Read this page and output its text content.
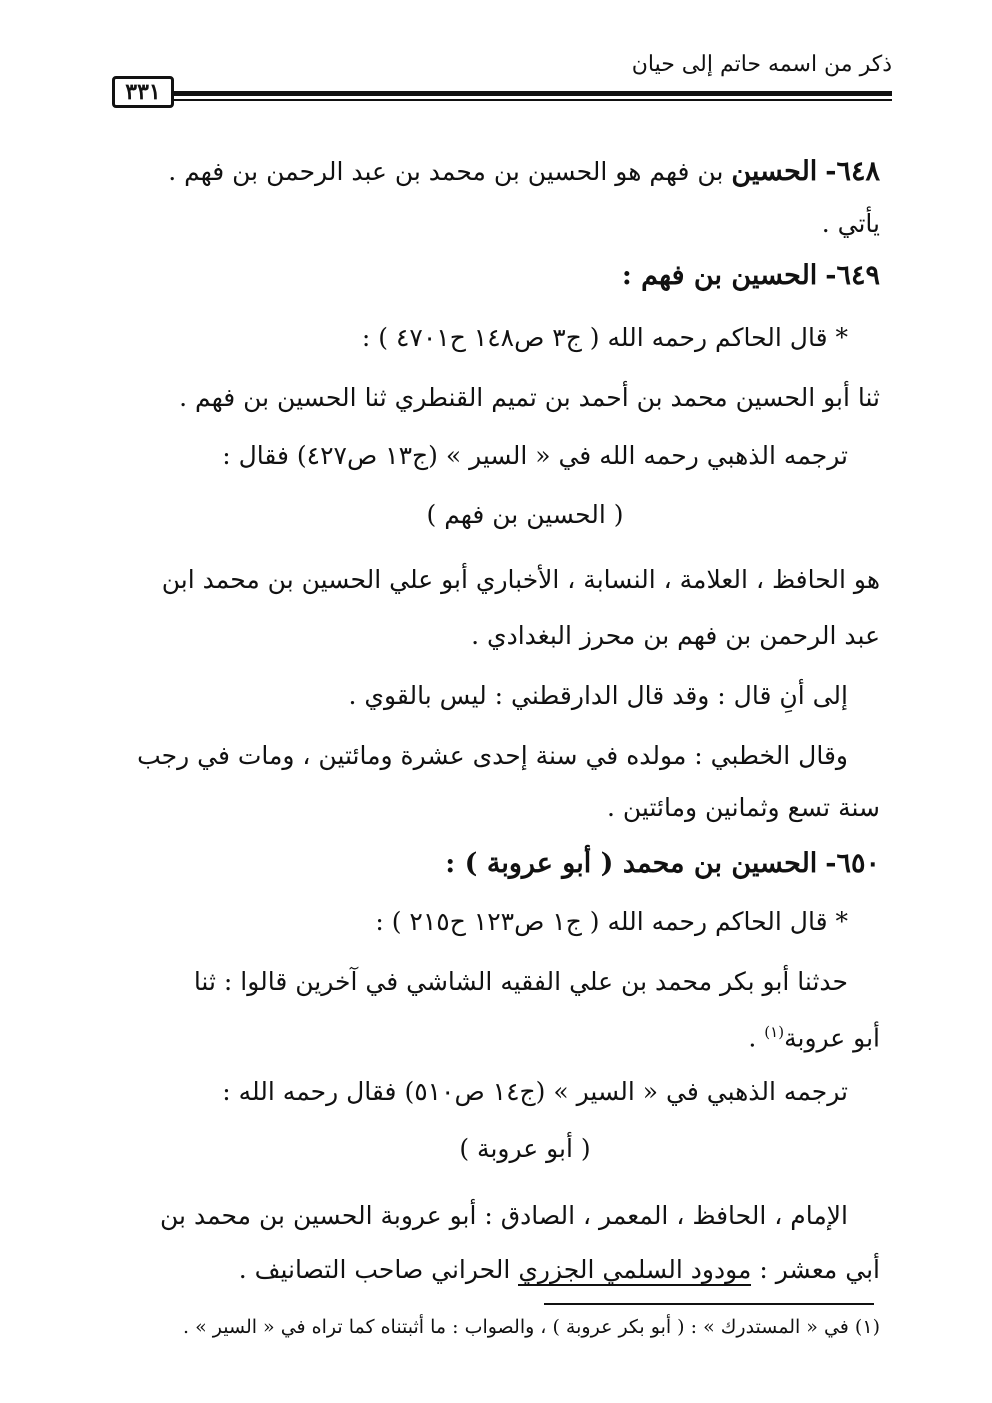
ذكر من اسمه حاتم إلى حيان
٣٣١
٦٤٨- الحسين بن فهم هو الحسين بن محمد بن عبد الرحمن بن فهم .
يأتي .
٦٤٩- الحسين بن فهم :
* قال الحاكم رحمه الله ( ج٣ ص١٤٨ ح٤٧٠١ ) :
ثنا أبو الحسين محمد بن أحمد بن تميم القنطري ثنا الحسين بن فهم .
ترجمه الذهبي رحمه الله في « السير » (ج١٣ ص٤٢٧) فقال :
( الحسين بن فهم )
هو الحافظ ، العلامة ، النسابة ، الأخباري أبو علي الحسين بن محمد ابن
عبد الرحمن بن فهم بن محرز البغدادي .
إلى أنِ قال : وقد قال الدارقطني : ليس بالقوي .
وقال الخطبي : مولده في سنة إحدى عشرة ومائتين ، ومات في رجب
سنة تسع وثمانين ومائتين .
٦٥٠- الحسين بن محمد ( أبو عروبة ) :
* قال الحاكم رحمه الله ( ج١ ص١٢٣ ح٢١٥ ) :
حدثنا أبو بكر محمد بن علي الفقيه الشاشي في آخرين قالوا : ثنا
أبو عروبة$^{(١)}$ .
ترجمه الذهبي في « السير » (ج١٤ ص٥١٠) فقال رحمه الله :
( أبو عروبة )
الإمام ، الحافظ ، المعمر ، الصادق : أبو عروبة الحسين بن محمد بن
أبي معشر : مودود السلمي الجزري الحراني صاحب التصانيف .
(١) في « المستدرك » : ( أبو بكر عروبة ) ، والصواب : ما أثبتناه كما تراه في « السير » .
